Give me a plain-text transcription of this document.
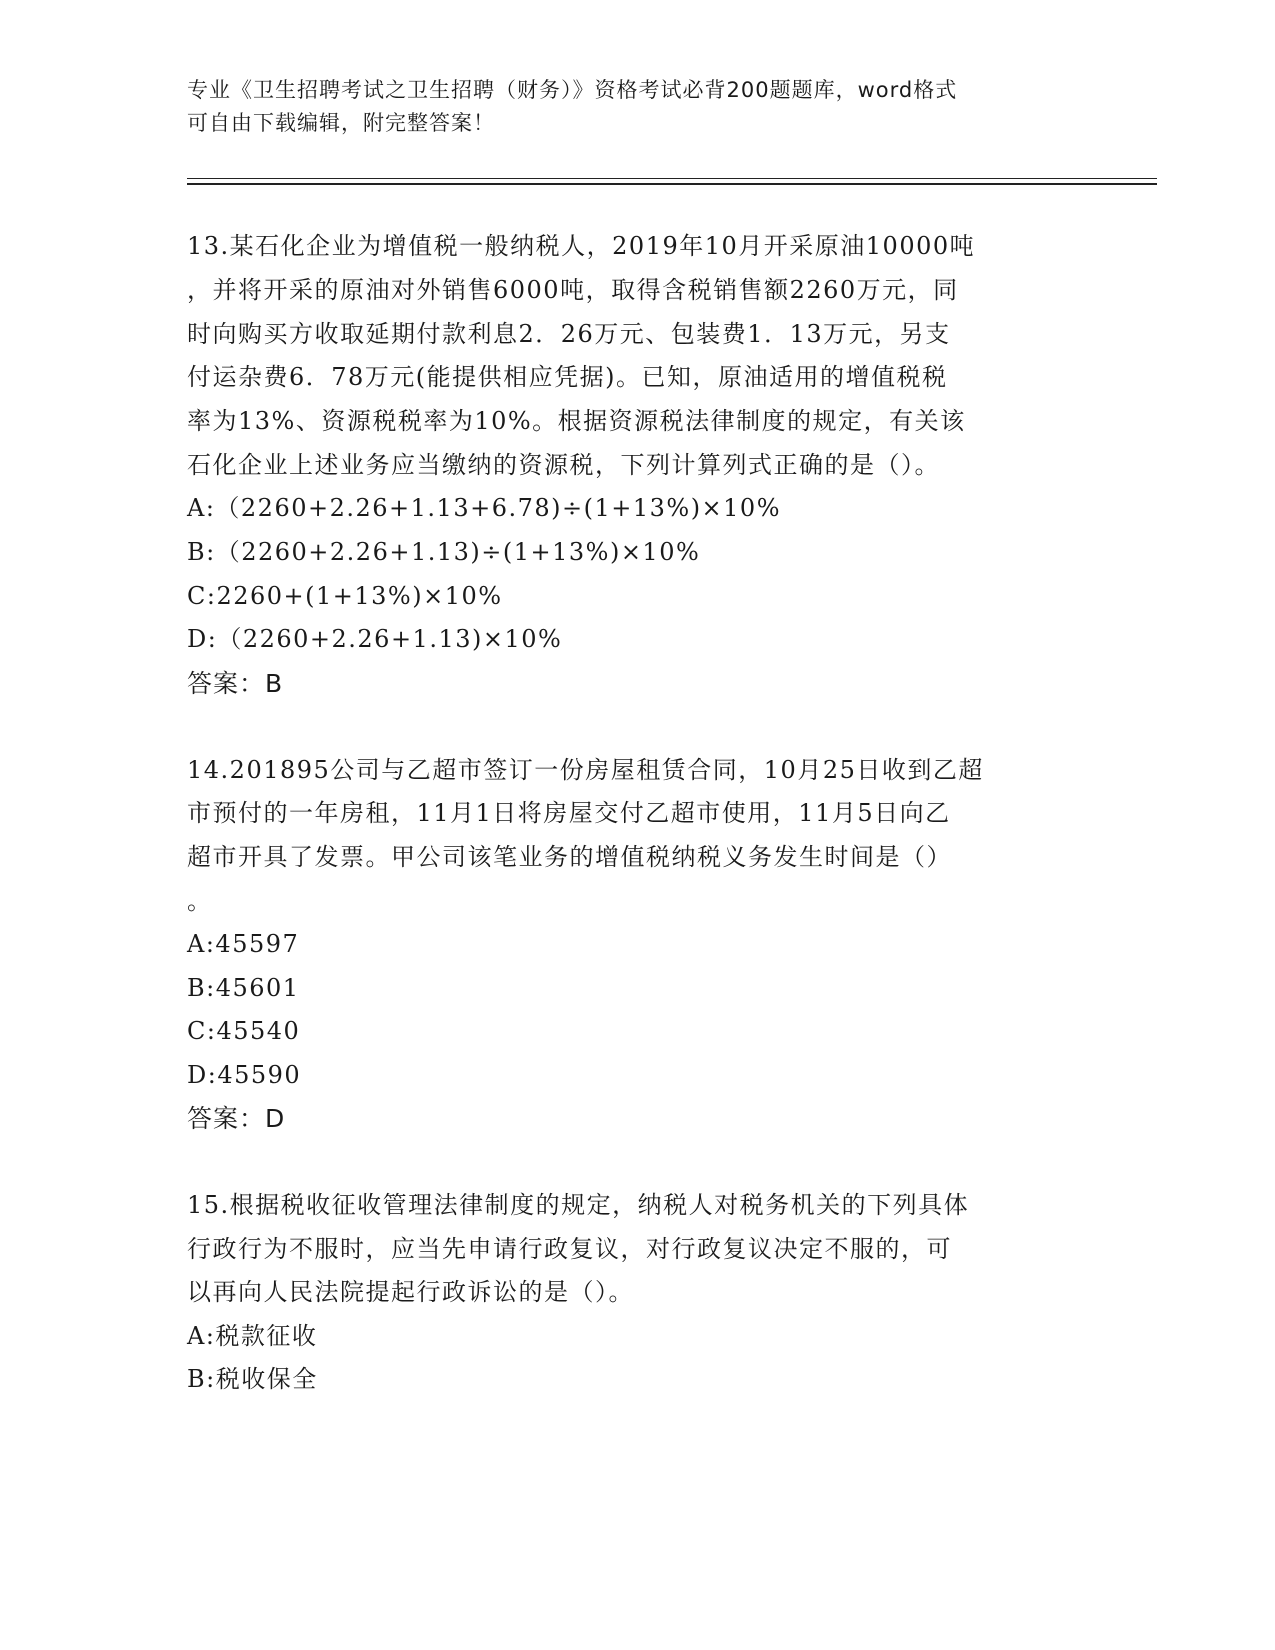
专业《卫生招聘考试之卫生招聘（财务）》资格考试必背200题题库，word格式
可自由下载编辑，附完整答案！
13.某石化企业为增值税一般纳税人，2019年10月开采原油10000吨
，并将开采的原油对外销售6000吨，取得含税销售额2260万元，同
时向购买方收取延期付款利息2．26万元、包装费1．13万元，另支
付运杂费6．78万元(能提供相应凭据)。已知，原油适用的增值税税
率为13%、资源税税率为10%。根据资源税法律制度的规定，有关该
石化企业上述业务应当缴纳的资源税，下列计算列式正确的是（）。
A:（2260+2.26+1.13+6.78)÷(1+13%)×10%
B:（2260+2.26+1.13)÷(1+13%)×10%
C:2260+(1+13%)×10%
D:（2260+2.26+1.13)×10%
答案：B
14.201895公司与乙超市签订一份房屋租赁合同，10月25日收到乙超
市预付的一年房租，11月1日将房屋交付乙超市使用，11月5日向乙
超市开具了发票。甲公司该笔业务的增值税纳税义务发生时间是（）
。
A:45597
B:45601
C:45540
D:45590
答案：D
15.根据税收征收管理法律制度的规定，纳税人对税务机关的下列具体
行政行为不服时，应当先申请行政复议，对行政复议决定不服的，可
以再向人民法院提起行政诉讼的是（）。
A:税款征收
B:税收保全
